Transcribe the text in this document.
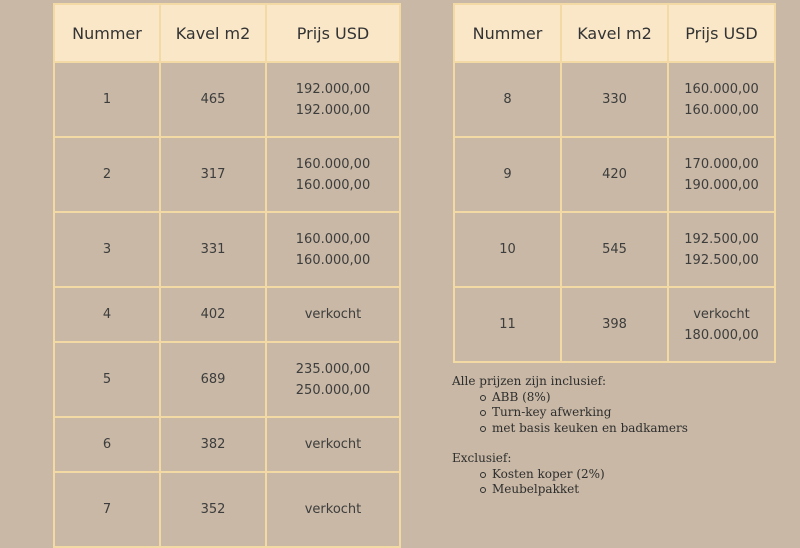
Nummer	Kavel m2	Prijs USD
1	465	192.000,00
192.000,00

2	317	160.000,00
160.000,00

3	331	160.000,00
160.000,00

4	402	verkocht

5	689	235.000,00
250.000,00

6	382	verkocht

7	352	verkocht
Nummer	Kavel m2	Prijs USD
8	330	160.000,00
160.000,00

9	420	170.000,00
190.000,00

10	545	192.500,00
192.500,00

11	398	verkocht
180.000,00

Alle prijzen zijn inclusief:

ABB (8%)
Turn-key afwerking
met basis keuken en badkamers

Exclusief:

Kosten koper (2%)
Meubelpakket
